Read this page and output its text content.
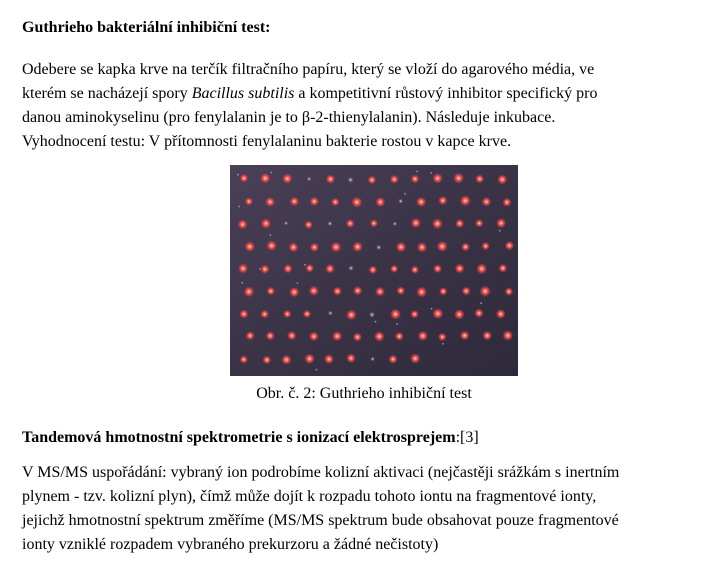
Guthrieho bakteriální inhibiční test:
Odebere se kapka krve na terčík filtračního papíru, který se vloží do agarového média, ve
kterém se nacházejí spory Bacillus subtilis a kompetitivní růstový inhibitor specifický pro
danou aminokyselinu (pro fenylalanin je to β-2-thienylalanin). Následuje inkubace.
Vyhodnocení testu: V přítomnosti fenylalaninu bakterie rostou v kapce krve.
Obr. č. 2: Guthrieho inhibiční test
Tandemová hmotnostní spektrometrie s ionizací elektrosprejem:[3]
V MS/MS uspořádání: vybraný ion podrobíme kolizní aktivaci (nejčastěji srážkám s inertním
plynem - tzv. kolizní plyn), čímž může dojít k rozpadu tohoto iontu na fragmentové ionty,
jejichž hmotnostní spektrum změříme (MS/MS spektrum bude obsahovat pouze fragmentové
ionty vzniklé rozpadem vybraného prekurzoru a žádné nečistoty)
